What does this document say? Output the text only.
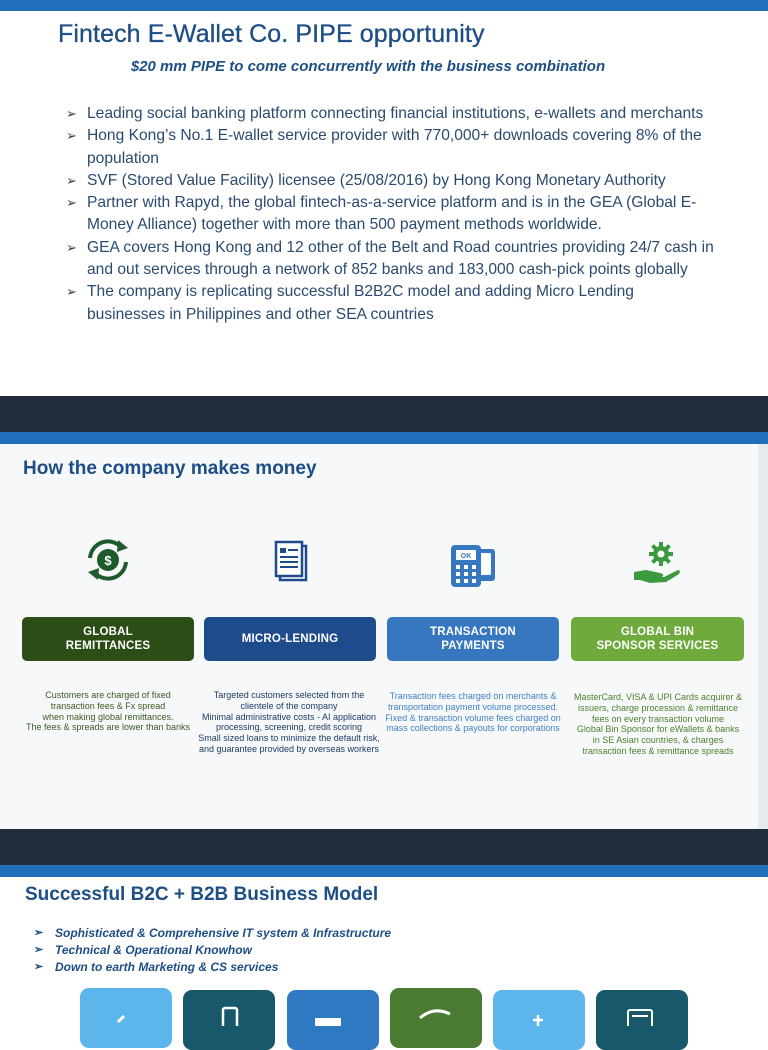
Fintech E-Wallet Co. PIPE opportunity
$20 mm PIPE to come concurrently with the business combination
➢ Leading social banking platform connecting financial institutions, e-wallets and merchants
➢ Hong Kong’s No.1 E-wallet service provider with 770,000+ downloads covering 8% of the population
➢ SVF (Stored Value Facility) licensee (25/08/2016) by Hong Kong Monetary Authority
➢ Partner with Rapyd, the global fintech-as-a-service platform and is in the GEA (Global E-Money Alliance) together with more than 500 payment methods worldwide.
➢ GEA covers Hong Kong and 12 other of the Belt and Road countries providing 24/7 cash in and out services through a network of 852 banks and 183,000 cash-pick points globally
➢ The company is replicating successful B2B2C model and adding Micro Lending businesses in Philippines and other SEA countries
How the company makes money
$	OK
GLOBAL
REMITTANCES
MICRO-LENDING
TRANSACTION
PAYMENTS
GLOBAL BIN
SPONSOR SERVICES
Customers are charged of fixed
transaction fees & Fx spread
when making global remittances.
The fees & spreads are lower than banks
Targeted customers selected from the
clientele of the company
Minimal administrative costs - AI application
processing, screening, credit scoring
Small sized loans to minimize the default risk,
and guarantee provided by overseas workers
Transaction fees charged on merchants &
transportation payment volume processed.
Fixed & transaction volume fees charged on
mass collections & payouts for corporations
MasterCard, VISA & UPI Cards acquirer &
issuers, charge procession & remittance
fees on every transaction volume
Global Bin Sponsor for eWallets & banks
in SE Asian countries, & charges
transaction fees & remittance spreads
Successful B2C + B2B Business Model
➢ Sophisticated & Comprehensive IT system & Infrastructure
➢ Technical & Operational Knowhow
➢ Down to earth Marketing & CS services
